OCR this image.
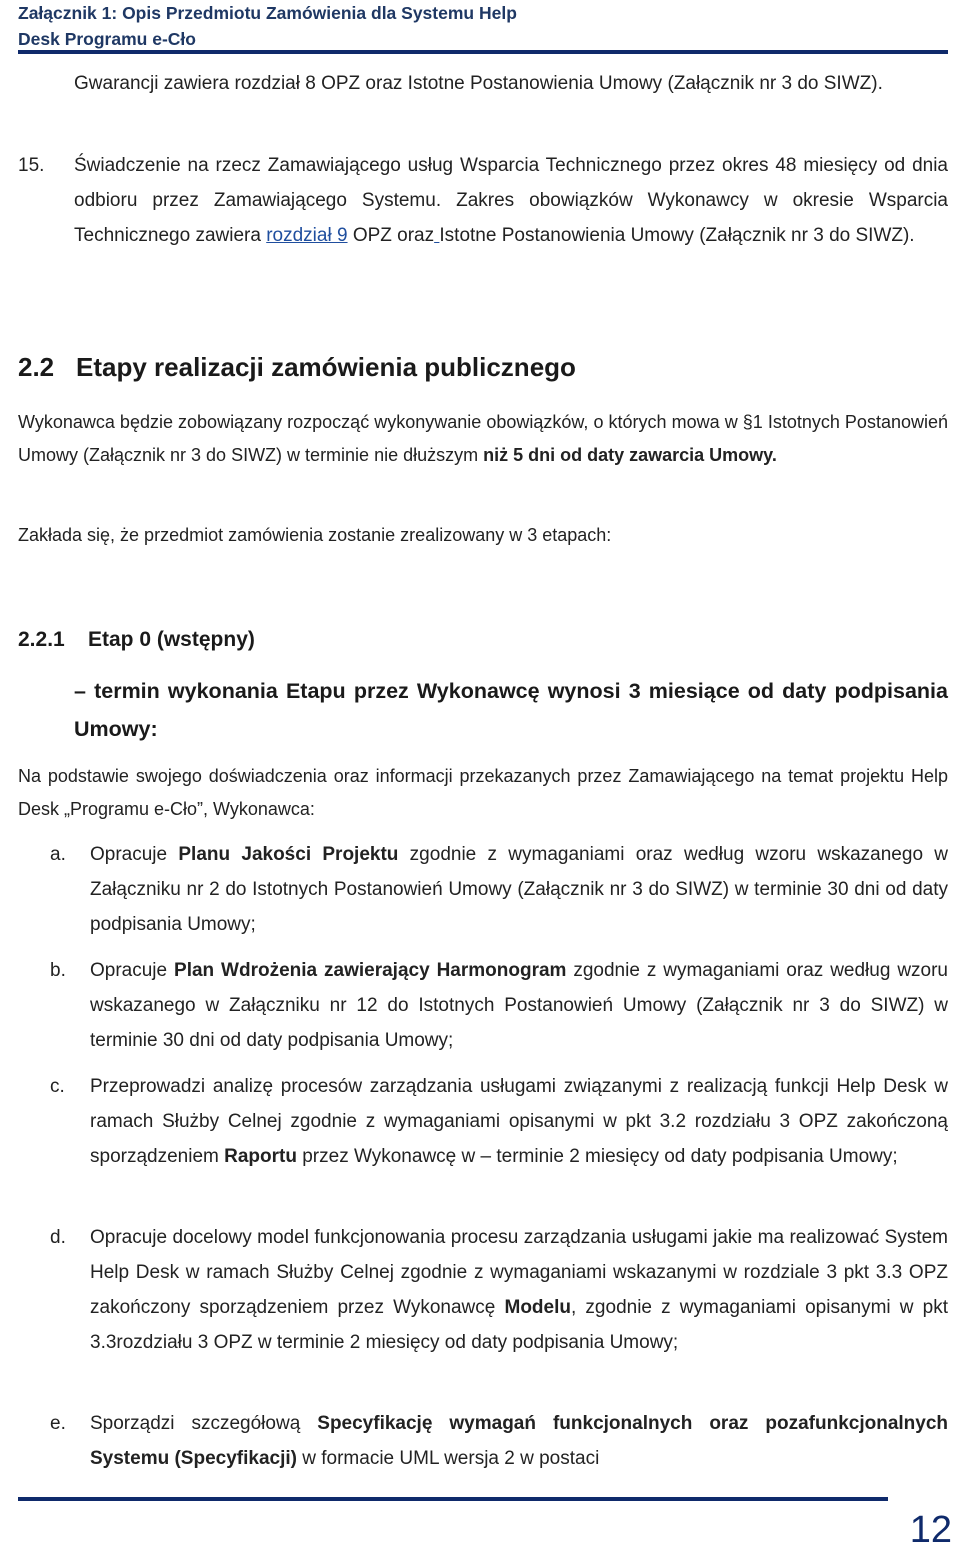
Załącznik 1: Opis Przedmiotu Zamówienia dla Systemu Help
Desk Programu e-Cło
Gwarancji zawiera rozdział 8 OPZ oraz Istotne Postanowienia Umowy (Załącznik nr 3 do SIWZ).
15. Świadczenie na rzecz Zamawiającego usług Wsparcia Technicznego przez okres 48 miesięcy od dnia odbioru przez Zamawiającego Systemu. Zakres obowiązków Wykonawcy w okresie Wsparcia Technicznego zawiera rozdział 9 OPZ oraz Istotne Postanowienia Umowy (Załącznik nr 3 do SIWZ).
2.2 Etapy realizacji zamówienia publicznego
Wykonawca będzie zobowiązany rozpocząć wykonywanie obowiązków, o których mowa w §1 Istotnych Postanowień Umowy (Załącznik nr 3 do SIWZ) w terminie nie dłuższym niż 5 dni od daty zawarcia Umowy.
Zakłada się, że przedmiot zamówienia zostanie zrealizowany w 3 etapach:
2.2.1 Etap 0 (wstępny)
– termin wykonania Etapu przez Wykonawcę wynosi 3 miesiące od daty podpisania Umowy:
Na podstawie swojego doświadczenia oraz informacji przekazanych przez Zamawiającego na temat projektu Help Desk „Programu e-Cło”, Wykonawca:
a. Opracuje Planu Jakości Projektu zgodnie z wymaganiami oraz według wzoru wskazanego w Załączniku nr 2 do Istotnych Postanowień Umowy (Załącznik nr 3 do SIWZ) w terminie 30 dni od daty podpisania Umowy;
b. Opracuje Plan Wdrożenia zawierający Harmonogram zgodnie z wymaganiami oraz według wzoru wskazanego w Załączniku nr 12 do Istotnych Postanowień Umowy (Załącznik nr 3 do SIWZ) w terminie 30 dni od daty podpisania Umowy;
c. Przeprowadzi analizę procesów zarządzania usługami związanymi z realizacją funkcji Help Desk w ramach Służby Celnej zgodnie z wymaganiami opisanymi w pkt 3.2 rozdziału 3 OPZ zakończoną sporządzeniem Raportu przez Wykonawcę w – terminie 2 miesięcy od daty podpisania Umowy;
d. Opracuje docelowy model funkcjonowania procesu zarządzania usługami jakie ma realizować System Help Desk w ramach Służby Celnej zgodnie z wymaganiami wskazanymi w rozdziale 3 pkt 3.3 OPZ zakończony sporządzeniem przez Wykonawcę Modelu, zgodnie z wymaganiami opisanymi w pkt 3.3rozdziału 3 OPZ w terminie 2 miesięcy od daty podpisania Umowy;
e. Sporządzi szczegółową Specyfikację wymagań funkcjonalnych oraz pozafunkcjonalnych Systemu (Specyfikacji) w formacie UML wersja 2 w postaci
12
